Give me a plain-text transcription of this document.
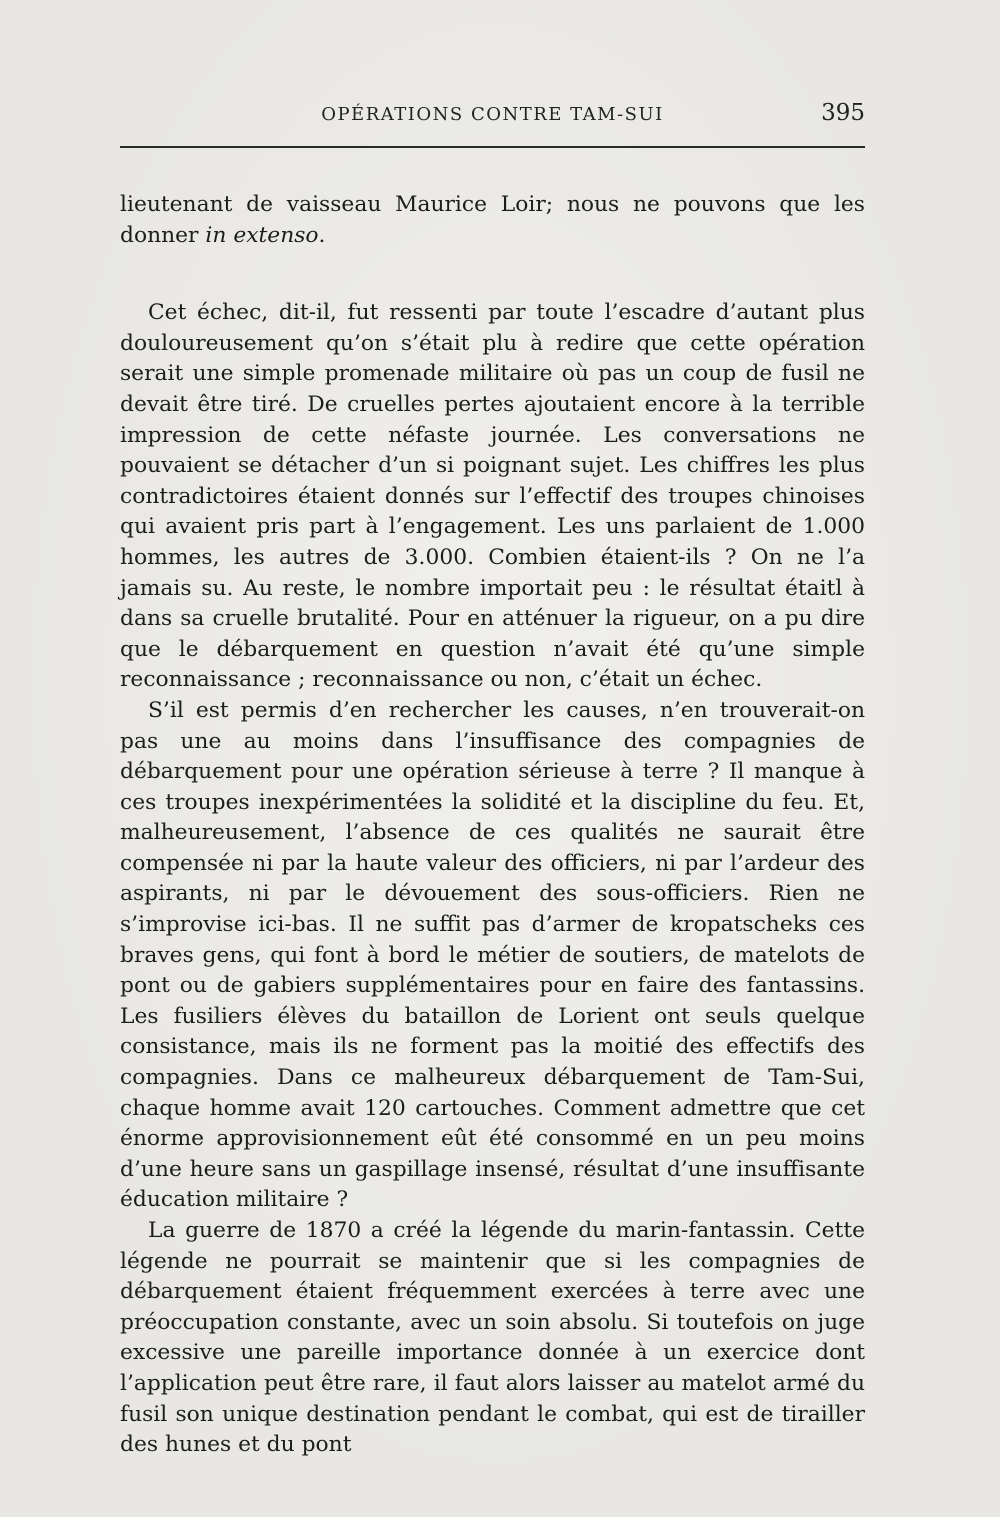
OPÉRATIONS CONTRE TAM-SUI	395

lieutenant de vaisseau Maurice Loir; nous ne pouvons que les donner in extenso.

Cet échec, dit-il, fut ressenti par toute l’escadre d’autant plus douloureusement qu’on s’était plu à redire que cette opération serait une simple promenade militaire où pas un coup de fusil ne devait être tiré. De cruelles pertes ajoutaient encore à la terrible impression de cette néfaste journée. Les conversations ne pouvaient se détacher d’un si poignant sujet. Les chiffres les plus contradictoires étaient donnés sur l’effectif des troupes chinoises qui avaient pris part à l’engagement. Les uns parlaient de 1.000 hommes, les autres de 3.000. Combien étaient-ils ? On ne l’a jamais su. Au reste, le nombre importait peu : le résultat étaitl à dans sa cruelle brutalité. Pour en atténuer la rigueur, on a pu dire que le débarquement en question n’avait été qu’une simple reconnaissance ; reconnaissance ou non, c’était un échec.

S’il est permis d’en rechercher les causes, n’en trouverait-on pas une au moins dans l’insuffisance des compagnies de débarquement pour une opération sérieuse à terre ? Il manque à ces troupes inexpérimentées la solidité et la discipline du feu. Et, malheureusement, l’absence de ces qualités ne saurait être compensée ni par la haute valeur des officiers, ni par l’ardeur des aspirants, ni par le dévouement des sous-officiers. Rien ne s’improvise ici-bas. Il ne suffit pas d’armer de kropatscheks ces braves gens, qui font à bord le métier de soutiers, de matelots de pont ou de gabiers supplémentaires pour en faire des fantassins. Les fusiliers élèves du bataillon de Lorient ont seuls quelque consistance, mais ils ne forment pas la moitié des effectifs des compagnies. Dans ce malheureux débarquement de Tam-Sui, chaque homme avait 120 cartouches. Comment admettre que cet énorme approvisionnement eût été consommé en un peu moins d’une heure sans un gaspillage insensé, résultat d’une insuffisante éducation militaire ?

La guerre de 1870 a créé la légende du marin-fantassin. Cette légende ne pourrait se maintenir que si les compagnies de débarquement étaient fréquemment exercées à terre avec une préoccupation constante, avec un soin absolu. Si toutefois on juge excessive une pareille importance donnée à un exercice dont l’application peut être rare, il faut alors laisser au matelot armé du fusil son unique destination pendant le combat, qui est de tirailler des hunes et du pont
